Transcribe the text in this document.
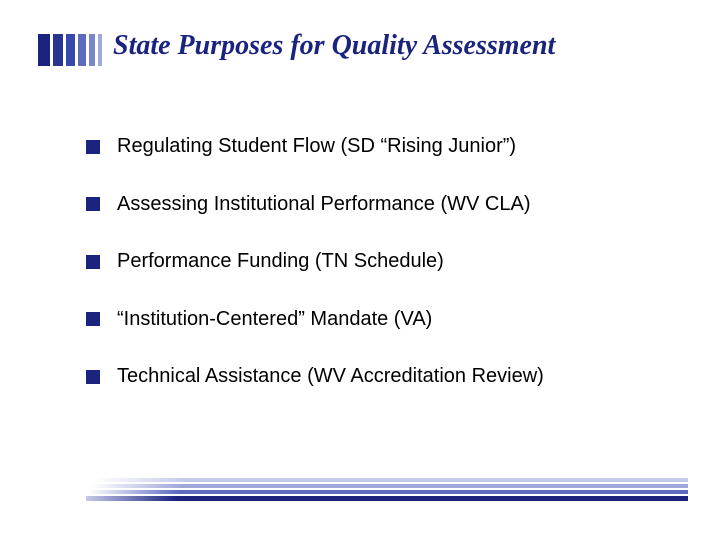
State Purposes for Quality Assessment
Regulating Student Flow (SD “Rising Junior”)
Assessing Institutional Performance (WV CLA)
Performance Funding (TN Schedule)
“Institution-Centered” Mandate (VA)
Technical Assistance (WV Accreditation Review)
